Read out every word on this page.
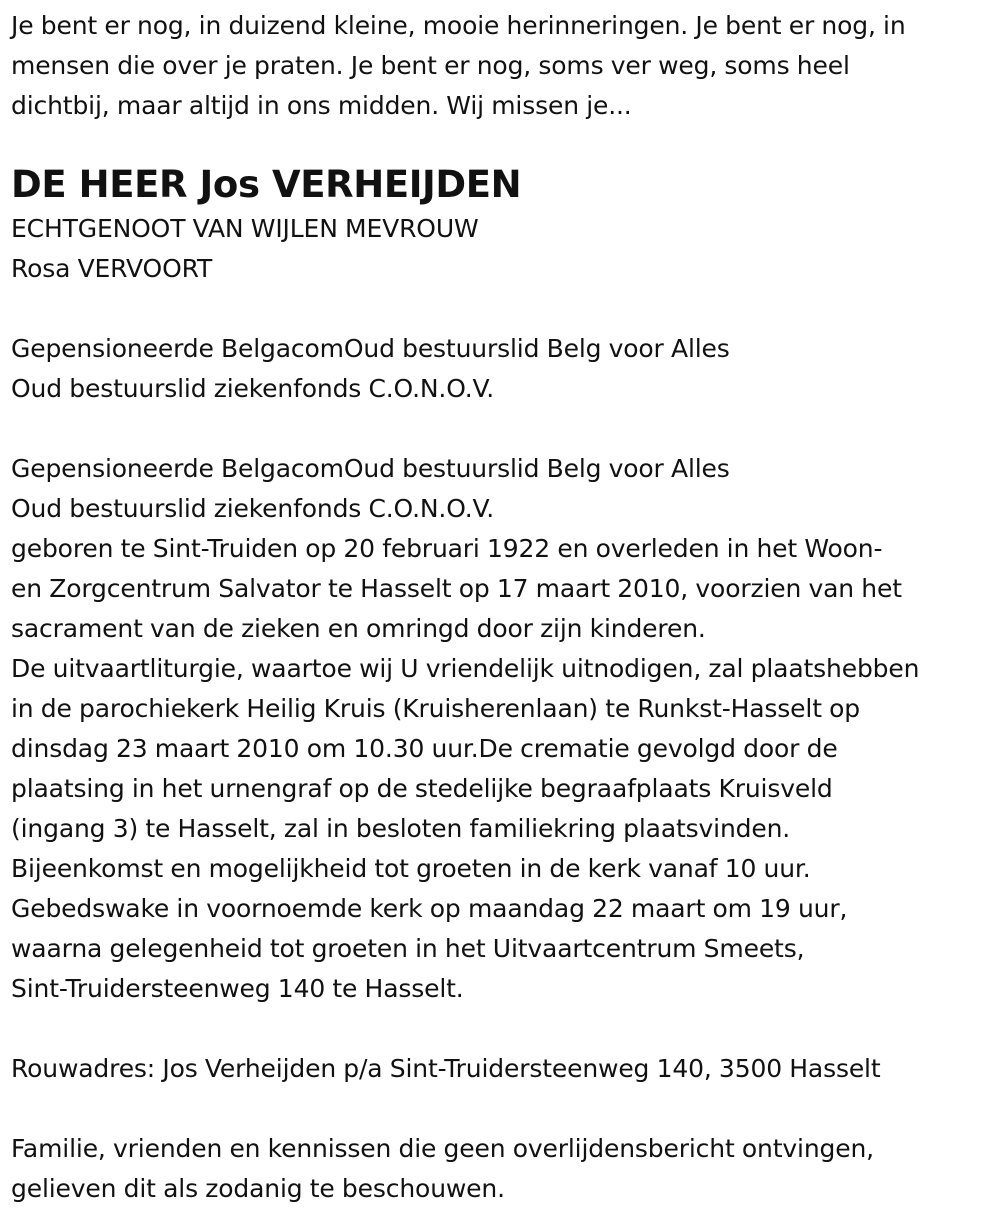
Je bent er nog, in duizend kleine, mooie herinneringen. Je bent er nog, in
mensen die over je praten. Je bent er nog, soms ver weg, soms heel
dichtbij, maar altijd in ons midden. Wij missen je...
DE HEER Jos VERHEIJDEN
ECHTGENOOT VAN WIJLEN MEVROUW
Rosa VERVOORT
Gepensioneerde BelgacomOud bestuurslid Belg voor Alles
Oud bestuurslid ziekenfonds C.O.N.O.V.
Gepensioneerde BelgacomOud bestuurslid Belg voor Alles
Oud bestuurslid ziekenfonds C.O.N.O.V.
geboren te Sint-Truiden op 20 februari 1922 en overleden in het Woon-
en Zorgcentrum Salvator te Hasselt op 17 maart 2010, voorzien van het
sacrament van de zieken en omringd door zijn kinderen.
De uitvaartliturgie, waartoe wij U vriendelijk uitnodigen, zal plaatshebben
in de parochiekerk Heilig Kruis (Kruisherenlaan) te Runkst-Hasselt op
dinsdag 23 maart 2010 om 10.30 uur.De crematie gevolgd door de
plaatsing in het urnengraf op de stedelijke begraafplaats Kruisveld
(ingang 3) te Hasselt, zal in besloten familiekring plaatsvinden.
Bijeenkomst en mogelijkheid tot groeten in de kerk vanaf 10 uur.
Gebedswake in voornoemde kerk op maandag 22 maart om 19 uur,
waarna gelegenheid tot groeten in het Uitvaartcentrum Smeets,
Sint-Truidersteenweg 140 te Hasselt.
Rouwadres: Jos Verheijden p/a Sint-Truidersteenweg 140, 3500 Hasselt
Familie, vrienden en kennissen die geen overlijdensbericht ontvingen,
gelieven dit als zodanig te beschouwen.
